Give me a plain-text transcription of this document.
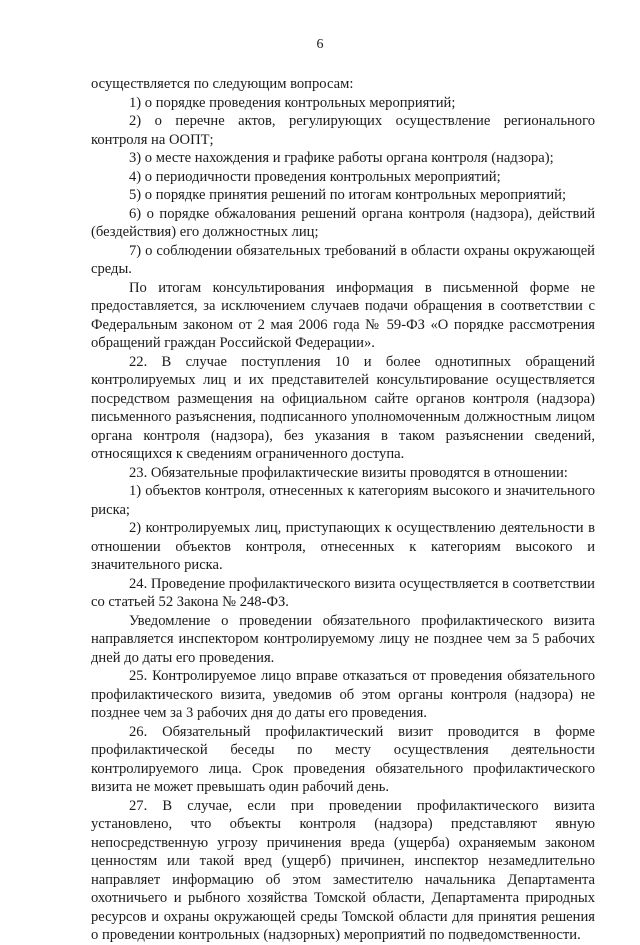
6

осуществляется по следующим вопросам:

1) о порядке проведения контрольных мероприятий;

2) о перечне актов, регулирующих осуществление регионального контроля на ООПТ;

3) о месте нахождения и графике работы органа контроля (надзора);

4) о периодичности проведения контрольных мероприятий;

5) о порядке принятия решений по итогам контрольных мероприятий;

6) о порядке обжалования решений органа контроля (надзора), действий (бездействия) его должностных лиц;

7) о соблюдении обязательных требований в области охраны окружающей среды.

По итогам консультирования информация в письменной форме не предоставляется, за исключением случаев подачи обращения в соответствии с Федеральным законом от 2 мая 2006 года № 59-ФЗ «О порядке рассмотрения обращений граждан Российской Федерации».

22. В случае поступления 10 и более однотипных обращений контролируемых лиц и их представителей консультирование осуществляется посредством размещения на официальном сайте органов контроля (надзора) письменного разъяснения, подписанного уполномоченным должностным лицом органа контроля (надзора), без указания в таком разъяснении сведений, относящихся к сведениям ограниченного доступа.

23. Обязательные профилактические визиты проводятся в отношении:

1) объектов контроля, отнесенных к категориям высокого и значительного риска;

2) контролируемых лиц, приступающих к осуществлению деятельности в отношении объектов контроля, отнесенных к категориям высокого и значительного риска.

24. Проведение профилактического визита осуществляется в соответствии со статьей 52 Закона № 248-ФЗ.

Уведомление о проведении обязательного профилактического визита направляется инспектором контролируемому лицу не позднее чем за 5 рабочих дней до даты его проведения.

25. Контролируемое лицо вправе отказаться от проведения обязательного профилактического визита, уведомив об этом органы контроля (надзора) не позднее чем за 3 рабочих дня до даты его проведения.

26. Обязательный профилактический визит проводится в форме профилактической беседы по месту осуществления деятельности контролируемого лица. Срок проведения обязательного профилактического визита не может превышать один рабочий день.

27. В случае, если при проведении профилактического визита установлено, что объекты контроля (надзора) представляют явную непосредственную угрозу причинения вреда (ущерба) охраняемым законом ценностям или такой вред (ущерб) причинен, инспектор незамедлительно направляет информацию об этом заместителю начальника Департамента охотничьего и рыбного хозяйства Томской области, Департамента природных ресурсов и охраны окружающей среды Томской области для принятия решения о проведении контрольных (надзорных) мероприятий по подведомственности.
